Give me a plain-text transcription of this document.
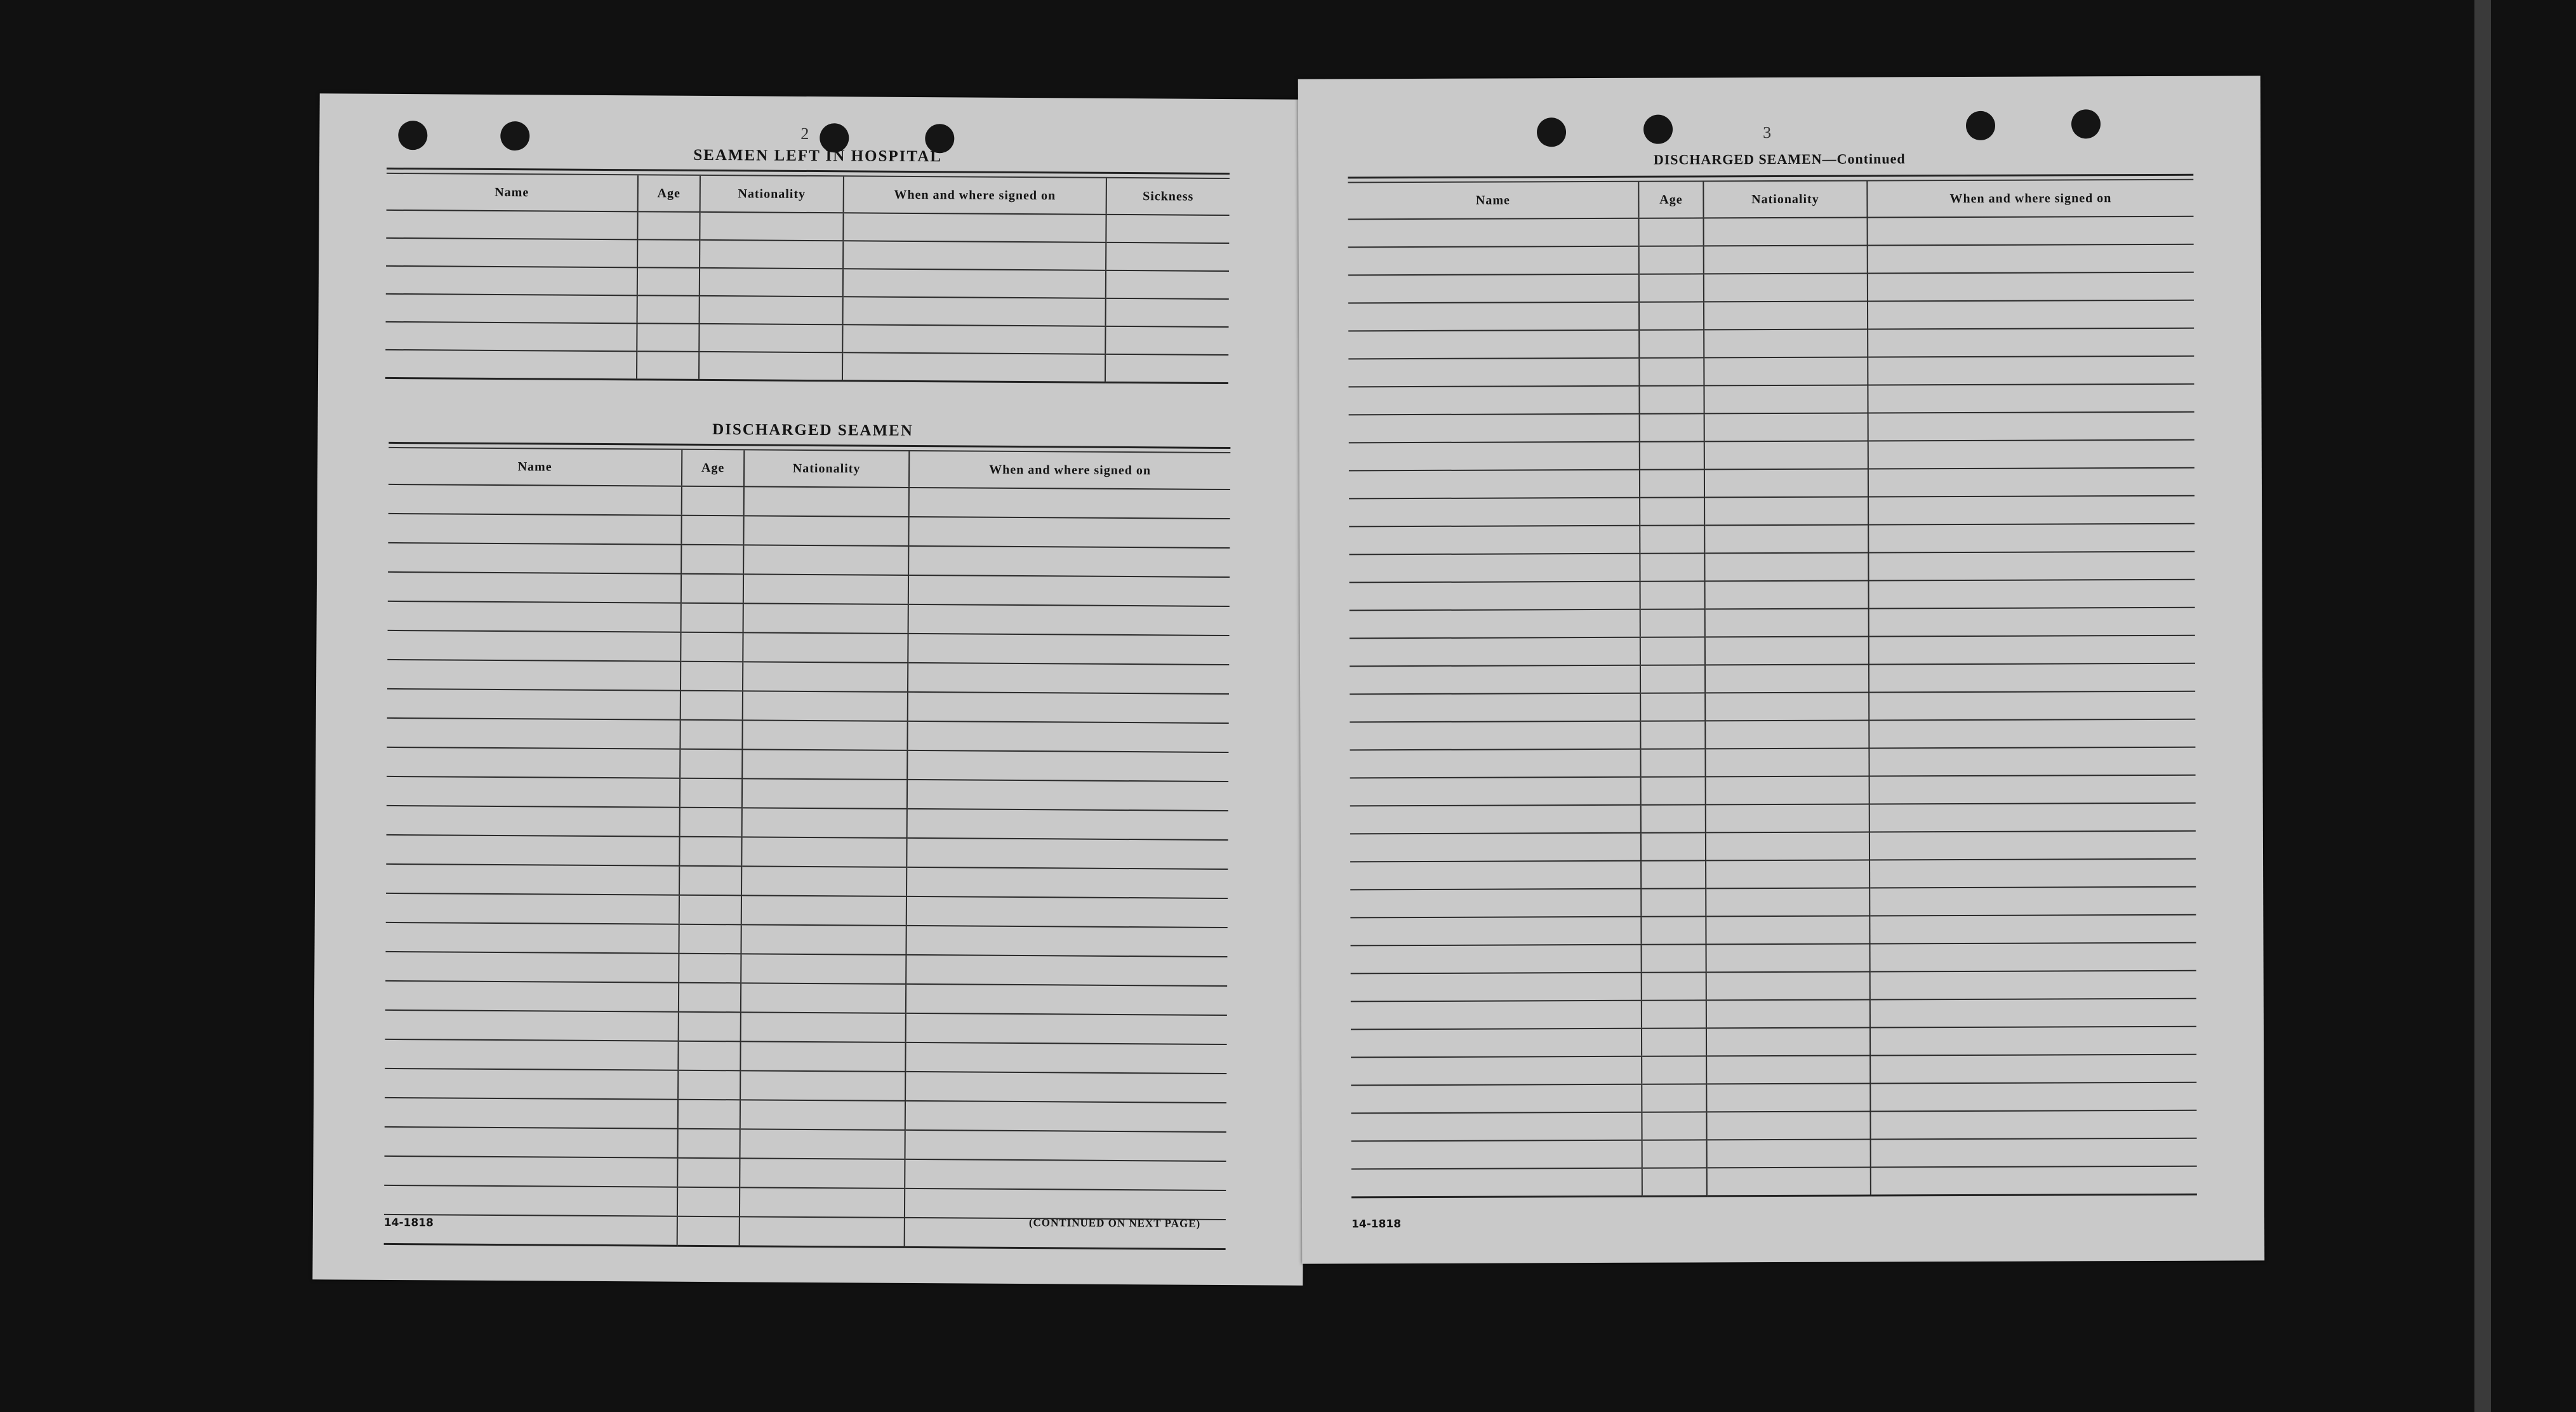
2
SEAMEN LEFT IN HOSPITAL
Name	Age	Nationality	When and where signed on	Sickness

DISCHARGED SEAMEN
Name	Age	Nationality	When and where signed on

14-1818	(CONTINUED ON NEXT PAGE)
3
DISCHARGED SEAMEN—Continued
Name	Age	Nationality	When and where signed on

14-1818
